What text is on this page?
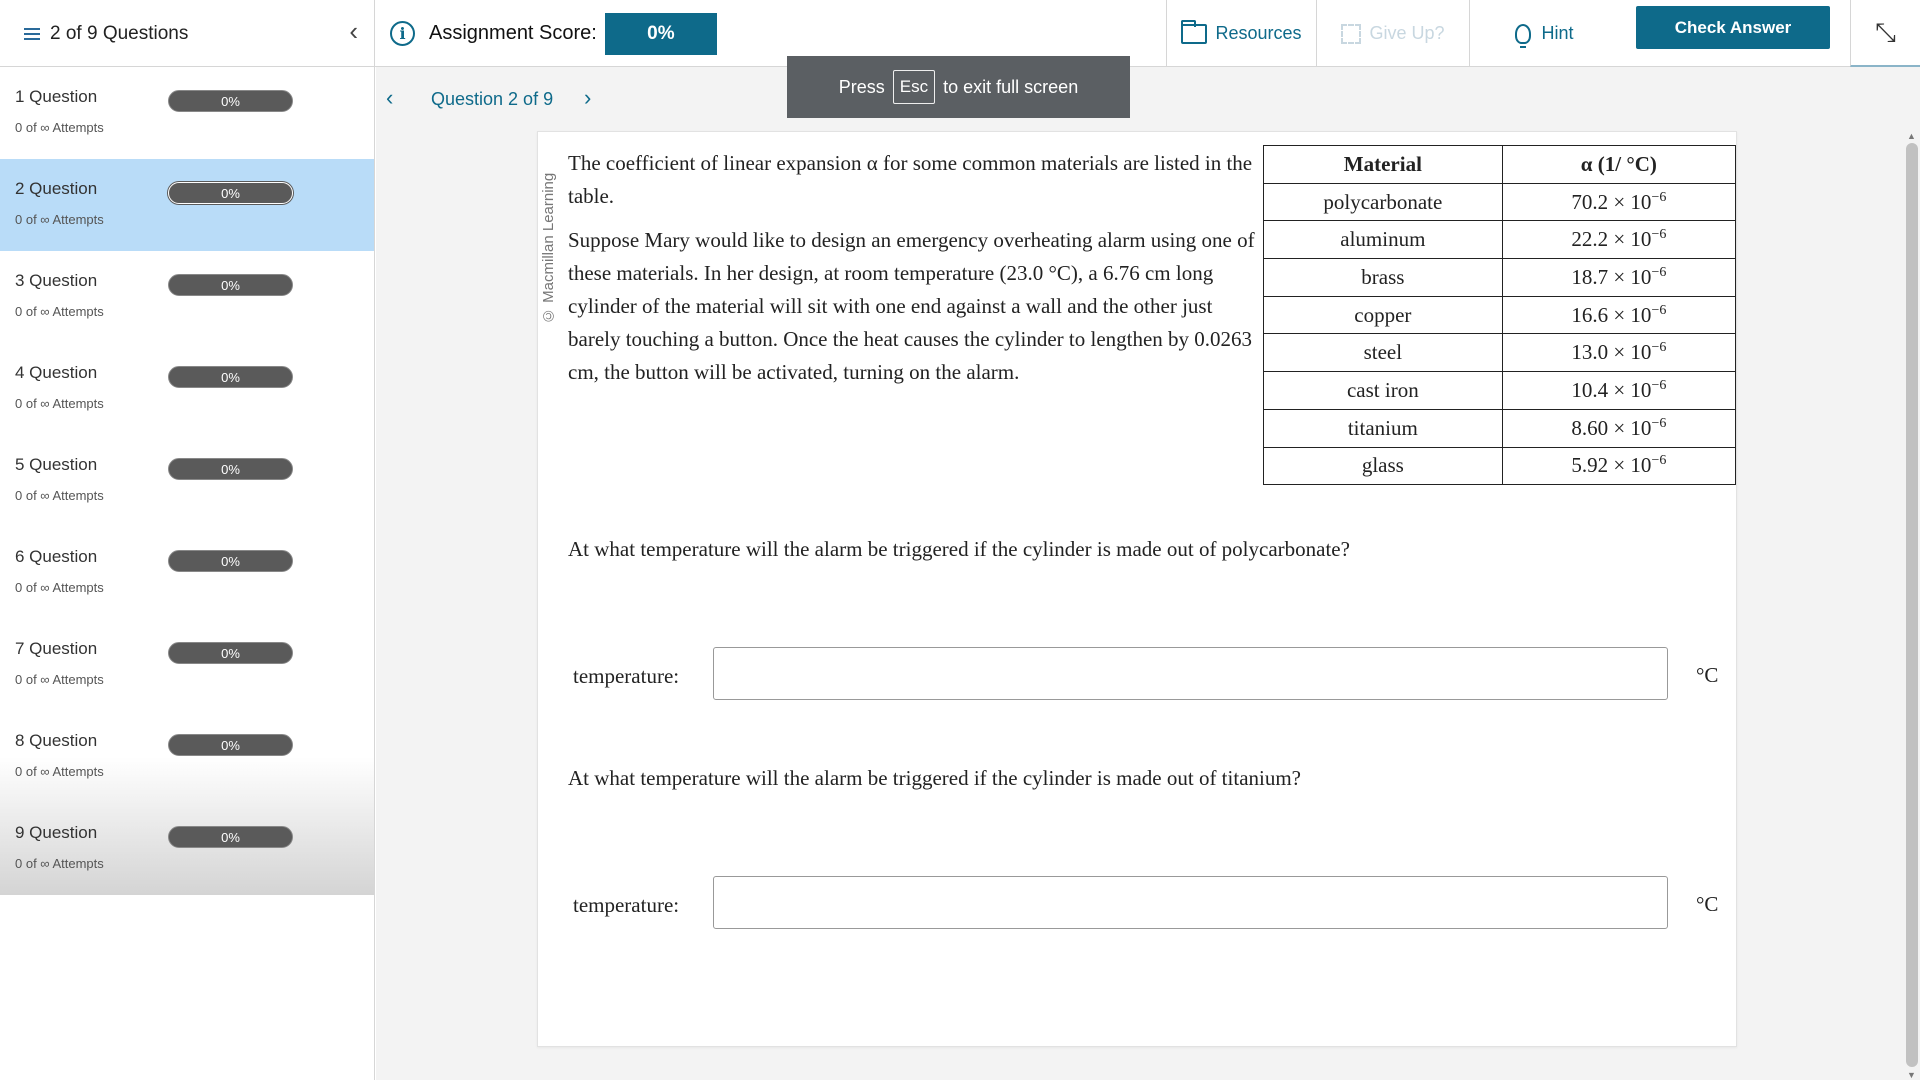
2 of 9 Questions	‹	i	Assignment Score:	0%	Resources	Give Up?	Hint	Check Answer	⤡
1 Question	0%
0 of ∞ Attempts
2 Question	0%
0 of ∞ Attempts
3 Question	0%
0 of ∞ Attempts
4 Question	0%
0 of ∞ Attempts
5 Question	0%
0 of ∞ Attempts
6 Question	0%
0 of ∞ Attempts
7 Question	0%
0 of ∞ Attempts
8 Question	0%
0 of ∞ Attempts
9 Question	0%
0 of ∞ Attempts
‹ Question 2 of 9 ›
© Macmillan Learning

The coefficient of linear expansion α for some common materials are listed in the table.

Suppose Mary would like to design an emergency overheating alarm using one of these materials. In her design, at room temperature (23.0 °C), a 6.76 cm long cylinder of the material will sit with one end against a wall and the other just barely touching a button. Once the heat causes the cylinder to lengthen by 0.0263 cm, the button will be activated, turning on the alarm.

Material	α (1/ °C)
polycarbonate	$70.2 \times 10^{-6}$
aluminum	$22.2 \times 10^{-6}$
brass	$18.7 \times 10^{-6}$
copper	$16.6 \times 10^{-6}$
steel	$13.0 \times 10^{-6}$
cast iron	$10.4 \times 10^{-6}$
titanium	$8.60 \times 10^{-6}$
glass	$5.92 \times 10^{-6}$
At what temperature will the alarm be triggered if the cylinder is made out of polycarbonate?
temperature:	°C
At what temperature will the alarm be triggered if the cylinder is made out of titanium?
temperature:	°C
▲
▼
Press Esc to exit full screen
